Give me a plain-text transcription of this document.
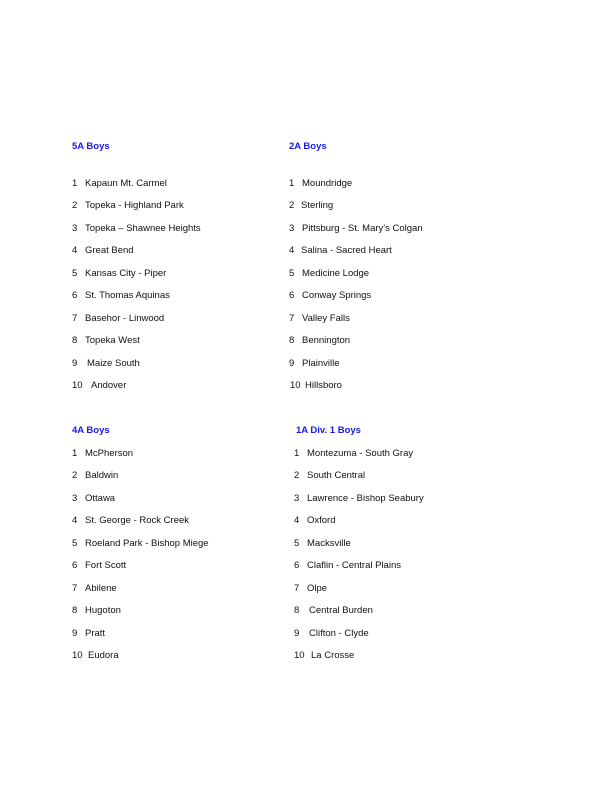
5A Boys
1 Kapaun Mt. Carmel
2 Topeka - Highland Park
3 Topeka – Shawnee Heights
4 Great Bend
5 Kansas City - Piper
6 St. Thomas Aquinas
7 Basehor - Linwood
8 Topeka West
9 Maize South
10 Andover
2A Boys
1 Moundridge
2 Sterling
3 Pittsburg - St. Mary's Colgan
4 Salina - Sacred Heart
5 Medicine Lodge
6 Conway Springs
7 Valley Falls
8 Bennington
9 Plainville
10 Hillsboro
4A Boys
1 McPherson
2 Baldwin
3 Ottawa
4 St. George - Rock Creek
5 Roeland Park - Bishop Miege
6 Fort Scott
7 Abilene
8 Hugoton
9 Pratt
10 Eudora
1A Div. 1 Boys
1 Montezuma - South Gray
2 South Central
3 Lawrence - Bishop Seabury
4 Oxford
5 Macksville
6 Claflin - Central Plains
7 Olpe
8 Central Burden
9 Clifton - Clyde
10 La Crosse
